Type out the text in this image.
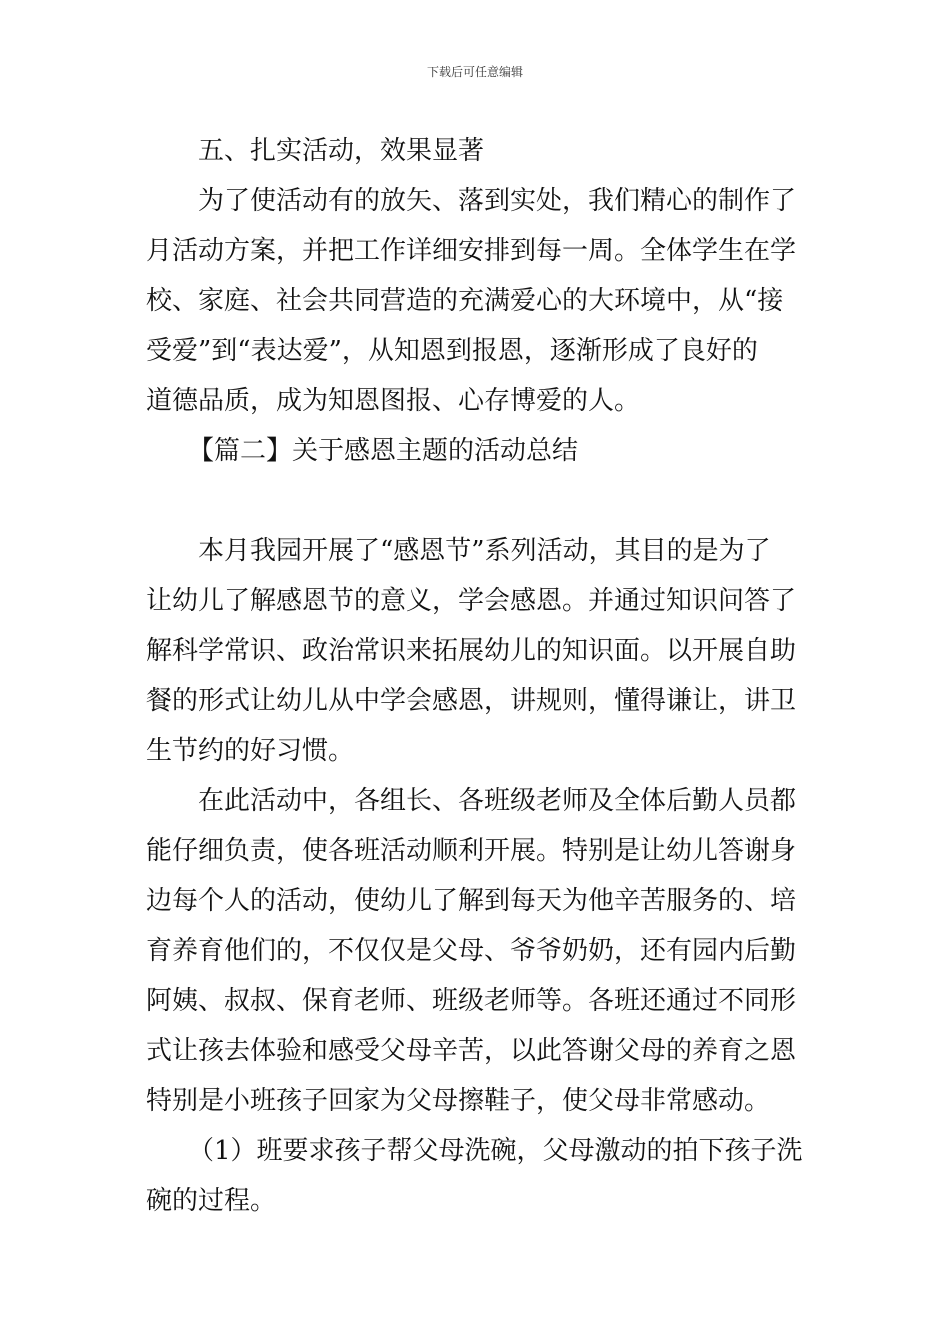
下载后可任意编辑
五、扎实活动，效果显著
为了使活动有的放矢、落到实处，我们精心的制作了
月活动方案，并把工作详细安排到每一周。全体学生在学
校、家庭、社会共同营造的充满爱心的大环境中，从“接
受爱”到“表达爱”，从知恩到报恩，逐渐形成了良好的
道德品质，成为知恩图报、心存博爱的人。
【篇二】关于感恩主题的活动总结
本月我园开展了“感恩节”系列活动，其目的是为了
让幼儿了解感恩节的意义，学会感恩。并通过知识问答了
解科学常识、政治常识来拓展幼儿的知识面。以开展自助
餐的形式让幼儿从中学会感恩，讲规则，懂得谦让，讲卫
生节约的好习惯。
在此活动中，各组长、各班级老师及全体后勤人员都
能仔细负责，使各班活动顺利开展。特别是让幼儿答谢身
边每个人的活动，使幼儿了解到每天为他辛苦服务的、培
育养育他们的，不仅仅是父母、爷爷奶奶，还有园内后勤
阿姨、叔叔、保育老师、班级老师等。各班还通过不同形
式让孩去体验和感受父母辛苦，以此答谢父母的养育之恩
特别是小班孩子回家为父母擦鞋子，使父母非常感动。
（1）班要求孩子帮父母洗碗，父母激动的拍下孩子洗
碗的过程。
